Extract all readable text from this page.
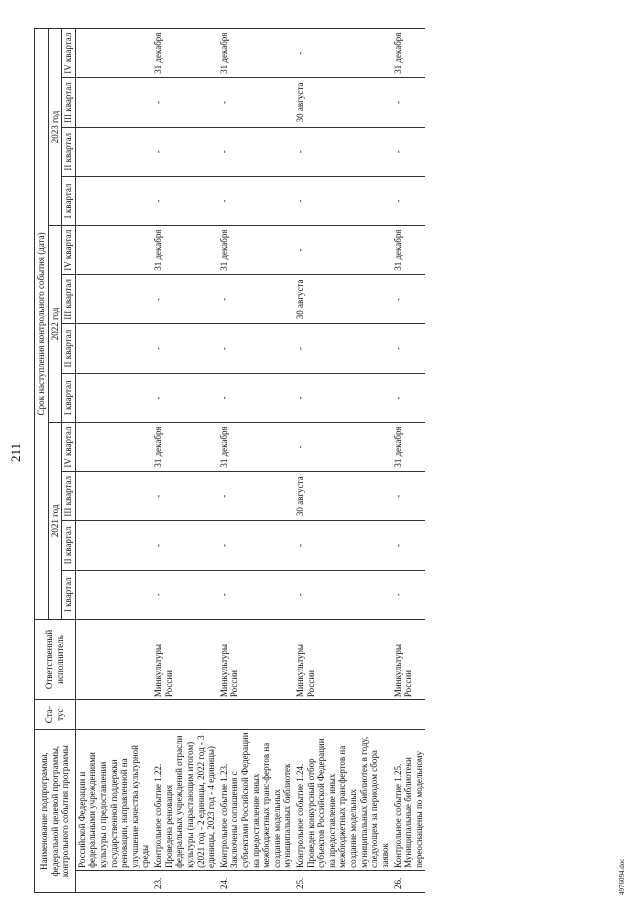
211
Наименование подпрограммы, федеральной целевой программы, контрольного события программы		Ста-тус	Ответственный исполнитель	Срок наступления контрольного события (дата)											
				2021 год				2022 год				2023 год			
				I квартал	II квартал	III квартал	IV квартал	I квартал	II квартал	III квартал	IV квартал	I квартал	II квартал	III квартал	IV квартал
	Российской Федерации и федеральными учреждениями культуры о предоставлении государственной поддержки реновации, направленной на улучшение качества культурной среды														
23.	Контрольное событие 1.22. Проведена реновация федеральных учреждений отрасли культуры (нарастающим итогом) (2021 год - 2 единицы, 2022 год - 3 единицы, 2023 год - 4 единицы)		Минкультуры России	-	-	-	31 декабря	-	-	-	31 декабря	-	-	-	31 декабря
24.	Контрольное событие 1.23. Заключены соглашения с субъектами Российской Федерации на предоставление иных межбюджетных транс-фертов на создание модельных муниципальных библиотек		Минкультуры России	-	-	-	31 декабря	-	-	-	31 декабря	-	-	-	31 декабря
25.	Контрольное событие 1.24. Проведен конкурсный отбор субъектов Российской Федерации на предоставление иных межбюджетных трансфертов на создание модельных муниципальных библиотек в году, следующем за периодом сбора заявок		Минкультуры России	-	-	30 августа	-	-	-	30 августа	-	-	-	30 августа	-
26.	Контрольное событие 1.25. Муниципальные библиотеки переоснащены по модельному		Минкультуры России	-	-	-	31 декабря	-	-	-	31 декабря	-	-	-	31 декабря
4976094.doc
